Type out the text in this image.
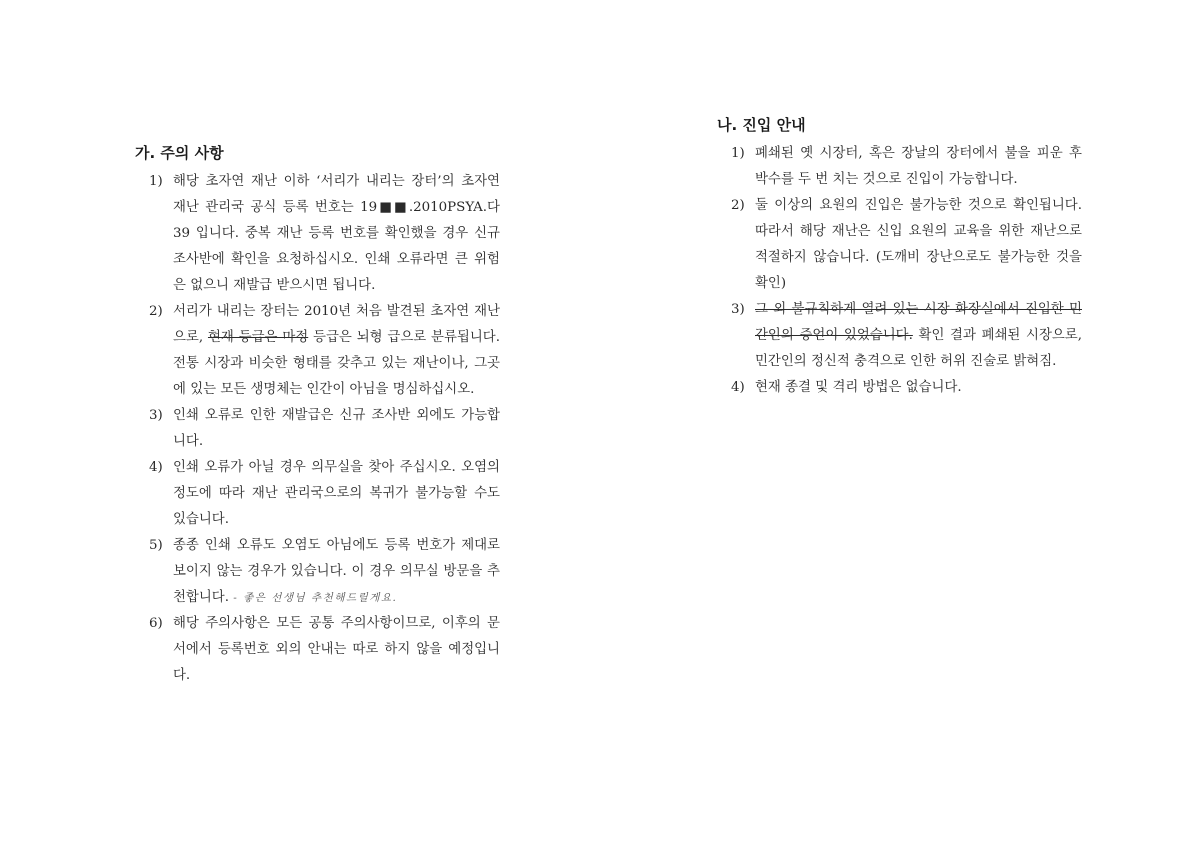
가. 주의 사항
1) 해당 초자연 재난 이하 ‘서리가 내리는 장터’의 초자연 재난 관리국 공식 등록 번호는 19■■.2010PSYA.다39 입니다. 중복 재난 등록 번호를 확인했을 경우 신규 조사반에 확인을 요청하십시오. 인쇄 오류라면 큰 위험은 없으니 재발급 받으시면 됩니다.
2) 서리가 내리는 장터는 2010년 처음 발견된 초자연 재난으로, 현재 등급은 마정 등급은 뇌형 급으로 분류됩니다. 전통 시장과 비슷한 형태를 갖추고 있는 재난이나, 그곳에 있는 모든 생명체는 인간이 아님을 명심하십시오.
3) 인쇄 오류로 인한 재발급은 신규 조사반 외에도 가능합니다.
4) 인쇄 오류가 아닐 경우 의무실을 찾아 주십시오. 오염의 정도에 따라 재난 관리국으로의 복귀가 불가능할 수도 있습니다.
5) 종종 인쇄 오류도 오염도 아님에도 등록 번호가 제대로 보이지 않는 경우가 있습니다. 이 경우 의무실 방문을 추천합니다. - 좋은 선생님 추천해드릴게요.
6) 해당 주의사항은 모든 공통 주의사항이므로, 이후의 문서에서 등록번호 외의 안내는 따로 하지 않을 예정입니다.
나. 진입 안내
1) 폐쇄된 옛 시장터, 혹은 장날의 장터에서 불을 피운 후 박수를 두 번 치는 것으로 진입이 가능합니다.
2) 둘 이상의 요원의 진입은 불가능한 것으로 확인됩니다. 따라서 해당 재난은 신입 요원의 교육을 위한 재난으로 적절하지 않습니다. (도깨비 장난으로도 불가능한 것을 확인)
3) 그 외 불규칙하게 열려 있는 시장 화장실에서 진입한 민간인의 증언이 있었습니다. 확인 결과 폐쇄된 시장으로, 민간인의 정신적 충격으로 인한 허위 진술로 밝혀짐.
4) 현재 종결 및 격리 방법은 없습니다.
